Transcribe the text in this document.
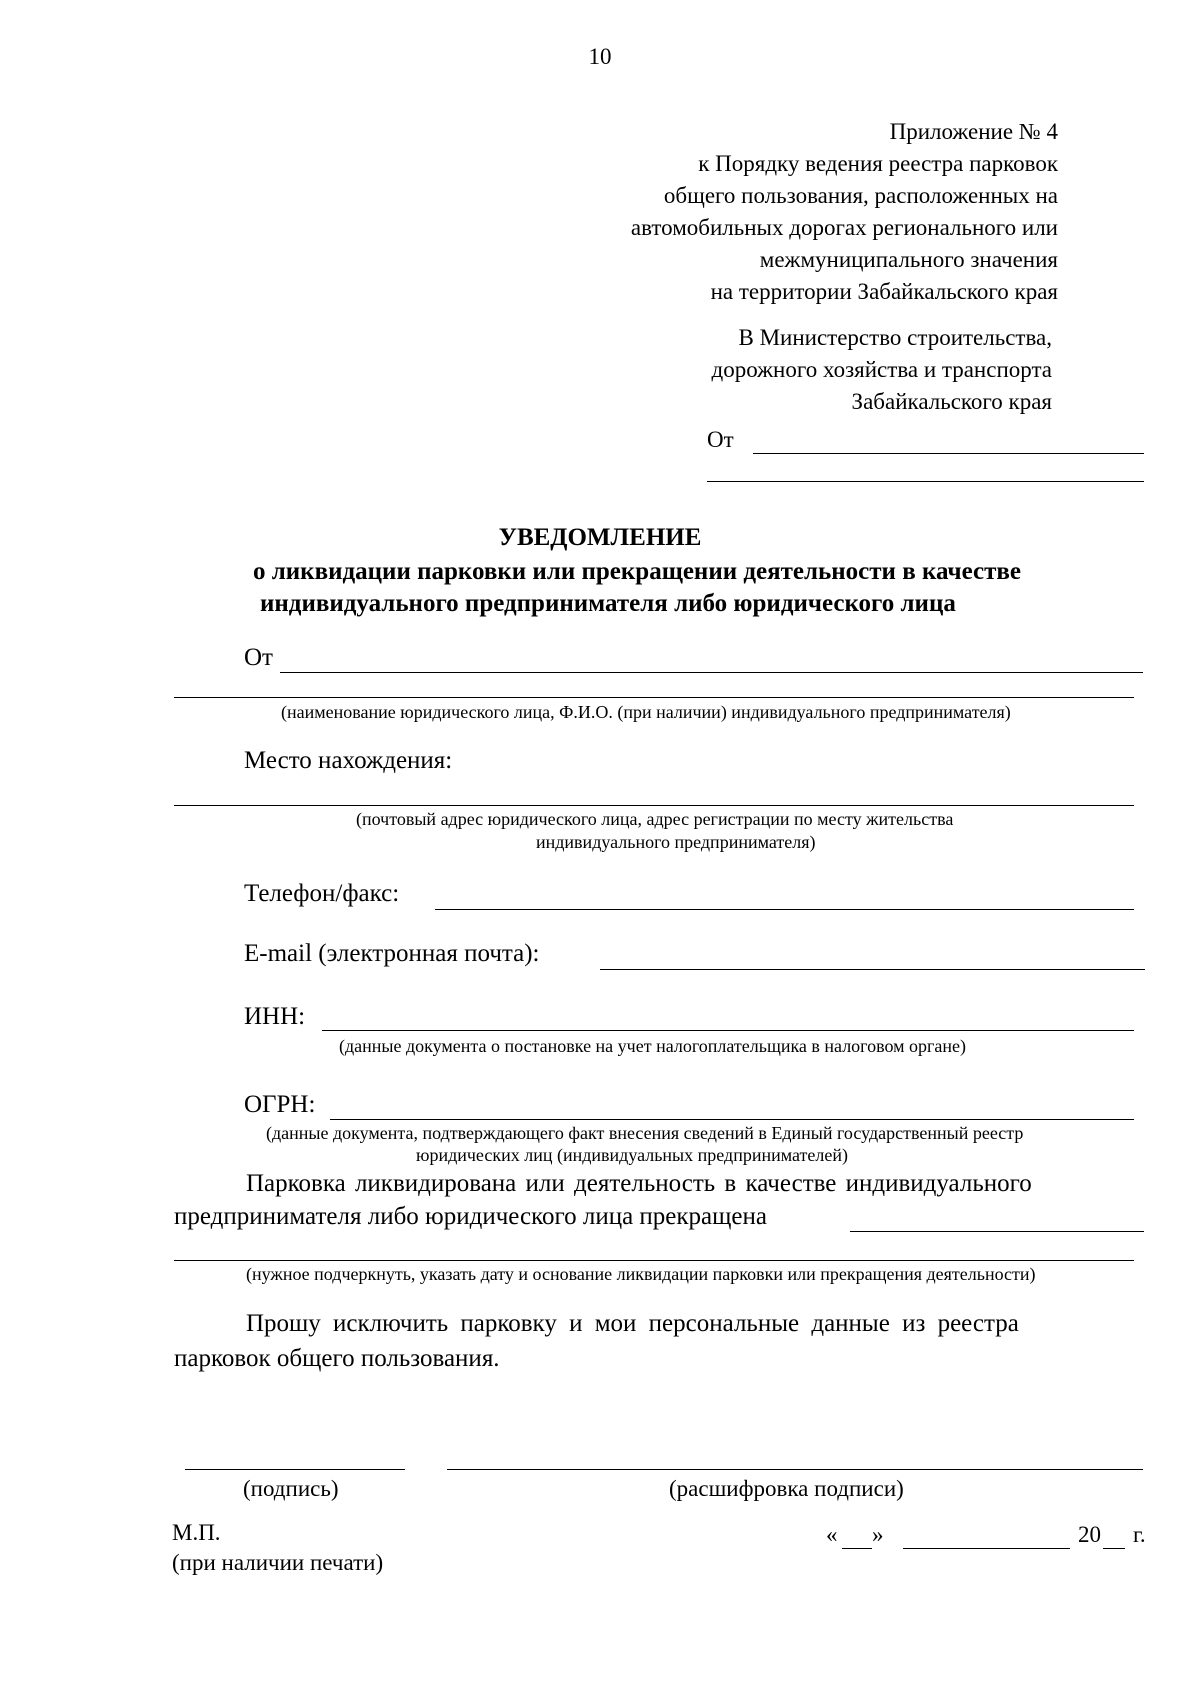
10
Приложение № 4
к Порядку ведения реестра парковок
общего пользования, расположенных на
автомобильных дорогах регионального или
межмуниципального значения
на территории Забайкальского края
В Министерство строительства,
дорожного хозяйства и транспорта
Забайкальского края
От
УВЕДОМЛЕНИЕ
о ликвидации парковки или прекращении деятельности в качестве
индивидуального предпринимателя либо юридического лица
От
(наименование юридического лица, Ф.И.О. (при наличии) индивидуального предпринимателя)
Место нахождения:
(почтовый адрес юридического лица, адрес регистрации по месту жительства
индивидуального предпринимателя)
Телефон/факс:
E-mail (электронная почта):
ИНН:
(данные документа о постановке на учет налогоплательщика в налоговом органе)
ОГРН:
(данные документа, подтверждающего факт внесения сведений в Единый государственный реестр
юридических лиц (индивидуальных предпринимателей)
Парковка ликвидирована или деятельность в качестве индивидуального
предпринимателя либо юридического лица прекращена
(нужное подчеркнуть, указать дату и основание ликвидации парковки или прекращения деятельности)
Прошу исключить парковку и мои персональные данные из реестра
парковок общего пользования.
(подпись)	(расшифровка подписи)
М.П.
(при наличии печати)
« »	20 г.
